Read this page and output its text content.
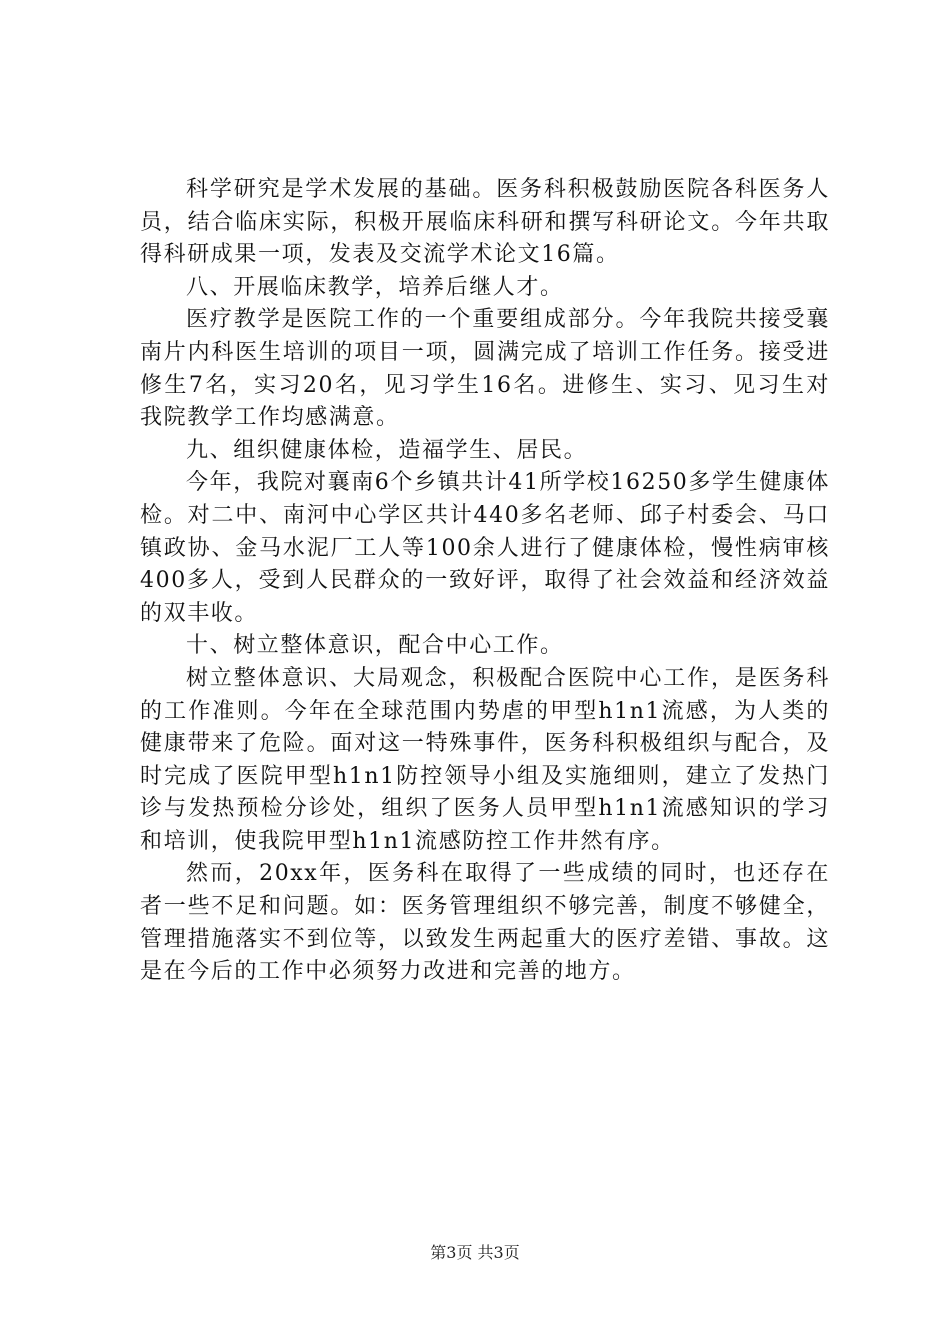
科学研究是学术发展的基础。医务科积极鼓励医院各科医务人员，结合临床实际，积极开展临床科研和撰写科研论文。今年共取得科研成果一项，发表及交流学术论文16篇。

八、开展临床教学，培养后继人才。

医疗教学是医院工作的一个重要组成部分。今年我院共接受襄南片内科医生培训的项目一项，圆满完成了培训工作任务。接受进修生7名，实习20名，见习学生16名。进修生、实习、见习生对我院教学工作均感满意。

九、组织健康体检，造福学生、居民。

今年，我院对襄南6个乡镇共计41所学校16250多学生健康体检。对二中、南河中心学区共计440多名老师、邱子村委会、马口镇政协、金马水泥厂工人等100余人进行了健康体检，慢性病审核400多人，受到人民群众的一致好评，取得了社会效益和经济效益的双丰收。

十、树立整体意识，配合中心工作。

树立整体意识、大局观念，积极配合医院中心工作，是医务科的工作准则。今年在全球范围内势虐的甲型h1n1流感，为人类的健康带来了危险。面对这一特殊事件，医务科积极组织与配合，及时完成了医院甲型h1n1防控领导小组及实施细则，建立了发热门诊与发热预检分诊处，组织了医务人员甲型h1n1流感知识的学习和培训，使我院甲型h1n1流感防控工作井然有序。

然而，20xx年，医务科在取得了一些成绩的同时，也还存在者一些不足和问题。如：医务管理组织不够完善，制度不够健全，管理措施落实不到位等，以致发生两起重大的医疗差错、事故。这是在今后的工作中必须努力改进和完善的地方。

第3页 共3页
